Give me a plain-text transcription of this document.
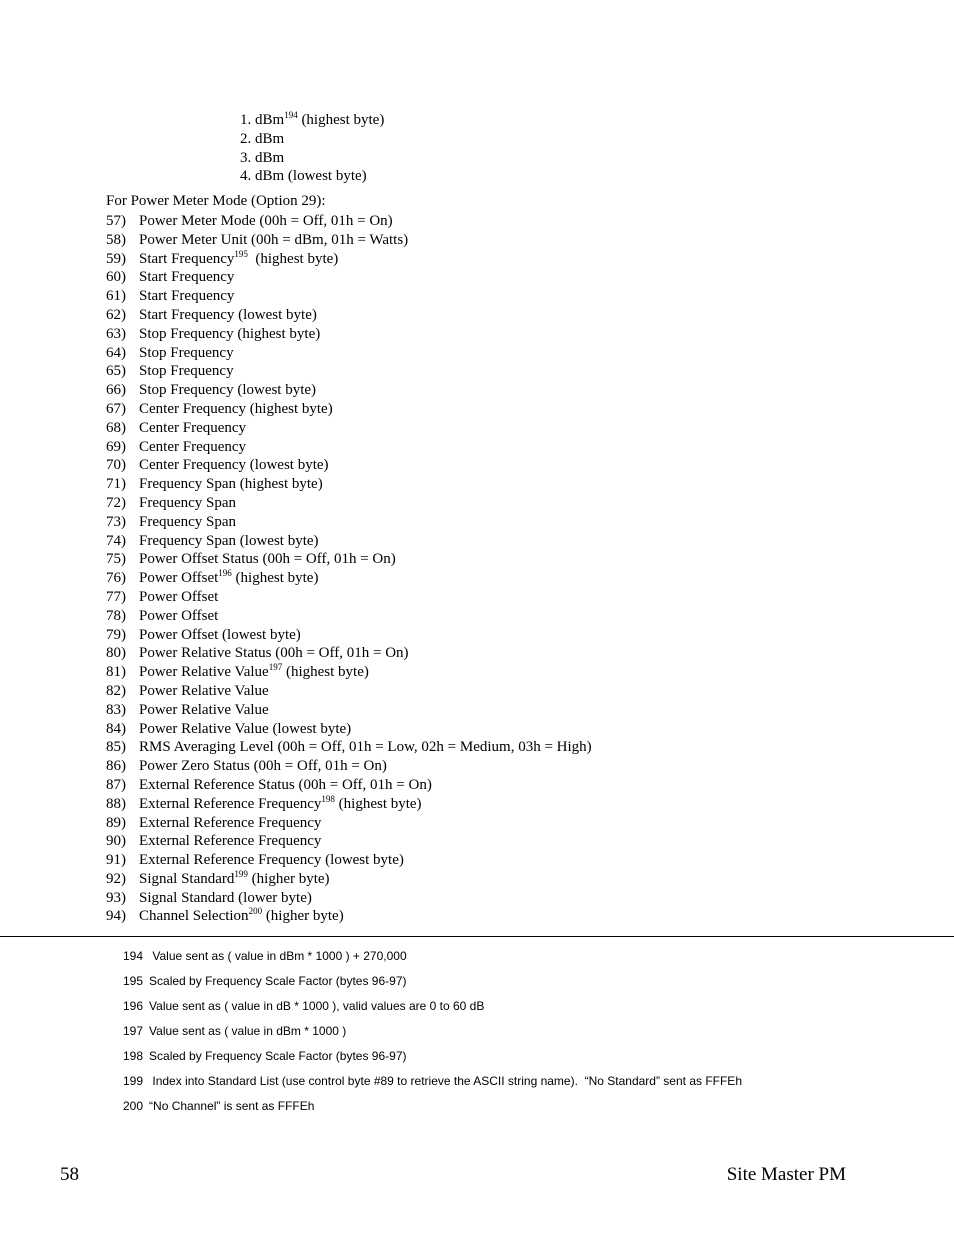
1. dBm$^{194}$ (highest byte)
2. dBm
3. dBm
4. dBm (lowest byte)
For Power Meter Mode (Option 29):
57) Power Meter Mode (00h = Off, 01h = On)
58) Power Meter Unit (00h = dBm, 01h = Watts)
59) Start Frequency$^{195}$  (highest byte)
60) Start Frequency
61) Start Frequency
62) Start Frequency (lowest byte)
63) Stop Frequency (highest byte)
64) Stop Frequency
65) Stop Frequency
66) Stop Frequency (lowest byte)
67) Center Frequency (highest byte)
68) Center Frequency
69) Center Frequency
70) Center Frequency (lowest byte)
71) Frequency Span (highest byte)
72) Frequency Span
73) Frequency Span
74) Frequency Span (lowest byte)
75) Power Offset Status (00h = Off, 01h = On)
76) Power Offset$^{196}$ (highest byte)
77) Power Offset
78) Power Offset
79) Power Offset (lowest byte)
80) Power Relative Status (00h = Off, 01h = On)
81) Power Relative Value$^{197}$ (highest byte)
82) Power Relative Value
83) Power Relative Value
84) Power Relative Value (lowest byte)
85) RMS Averaging Level (00h = Off, 01h = Low, 02h = Medium, 03h = High)
86) Power Zero Status (00h = Off, 01h = On)
87) External Reference Status (00h = Off, 01h = On)
88) External Reference Frequency$^{198}$ (highest byte)
89) External Reference Frequency
90) External Reference Frequency
91) External Reference Frequency (lowest byte)
92) Signal Standard$^{199}$ (higher byte)
93) Signal Standard (lower byte)
94) Channel Selection$^{200}$ (higher byte)
194 Value sent as ( value in dBm * 1000 ) + 270,000
195 Scaled by Frequency Scale Factor (bytes 96-97)
196 Value sent as ( value in dB * 1000 ), valid values are 0 to 60 dB
197 Value sent as ( value in dBm * 1000 )
198 Scaled by Frequency Scale Factor (bytes 96-97)
199 Index into Standard List (use control byte #89 to retrieve the ASCII string name).  “No Standard” sent as FFFEh
200 “No Channel” is sent as FFFEh
58	Site Master PM
